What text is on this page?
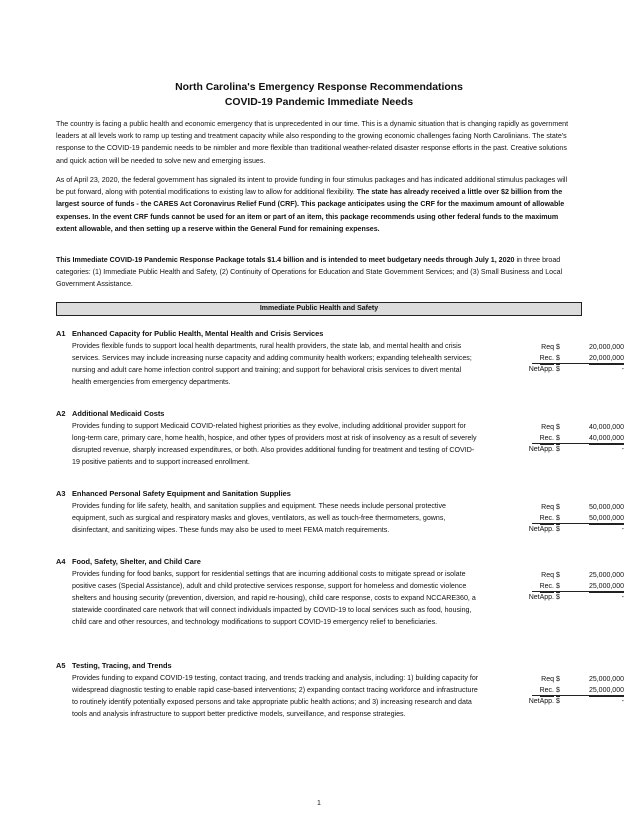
North Carolina's Emergency Response Recommendations
COVID-19 Pandemic Immediate Needs
The country is facing a public health and economic emergency that is unprecedented in our time. This is a dynamic situation that is changing rapidly as government leaders at all levels work to ramp up testing and treatment capacity while also responding to the growing economic challenges facing North Carolinians. The state's response to the COVID-19 pandemic needs to be nimbler and more flexible than traditional weather-related disaster response efforts in the past. Creative solutions and quick action will be needed to solve new and emerging issues.
As of April 23, 2020, the federal government has signaled its intent to provide funding in four stimulus packages and has indicated additional stimulus packages will be put forward, along with potential modifications to existing law to allow for additional flexibility. The state has already received a little over $2 billion from the largest source of funds - the CARES Act Coronavirus Relief Fund (CRF). This package anticipates using the CRF for the maximum amount of allowable expenses. In the event CRF funds cannot be used for an item or part of an item, this package recommends using other federal funds to the maximum extent allowable, and then setting up a reserve within the General Fund for remaining expenses.
This Immediate COVID-19 Pandemic Response Package totals $1.4 billion and is intended to meet budgetary needs through July 1, 2020 in three broad categories: (1) Immediate Public Health and Safety, (2) Continuity of Operations for Education and State Government Services; and (3) Small Business and Local Government Assistance.
Immediate Public Health and Safety
A1 Enhanced Capacity for Public Health, Mental Health and Crisis Services
Provides flexible funds to support local health departments, rural health providers, the state lab, and mental health and crisis services. Services may include increasing nurse capacity and adding community health workers; expanding telehealth services; nursing and adult care home infection control support and training; and support for behavioral crisis services to divert mental health emergencies from emergency departments.
Req $	20,000,000
Rec. $	20,000,000
NetApp. $	-
A2 Additional Medicaid Costs
Provides funding to support Medicaid COVID-related highest priorities as they evolve, including additional provider support for long-term care, primary care, home health, hospice, and other types of providers most at risk of insolvency as a result of severely disrupted revenue, sharply increased expenditures, or both. Also provides additional funding for treatment and testing of COVID-19 positive patients and to support increased enrollment.
Req $	40,000,000
Rec. $	40,000,000
NetApp. $	-
A3 Enhanced Personal Safety Equipment and Sanitation Supplies
Provides funding for life safety, health, and sanitation supplies and equipment. These needs include personal protective equipment, such as surgical and respiratory masks and gloves, ventilators, as well as touch-free thermometers, gowns, disinfectant, and sanitizing wipes. These funds may also be used to meet FEMA match requirements.
Req $	50,000,000
Rec. $	50,000,000
NetApp. $	-
A4 Food, Safety, Shelter, and Child Care
Provides funding for food banks, support for residential settings that are incurring additional costs to mitigate spread or isolate positive cases (Special Assistance), adult and child protective services response, support for homeless and domestic violence shelters and housing security (prevention, diversion, and rapid re-housing), child care response, costs to expand NCCARE360, a statewide coordinated care network that will connect individuals impacted by COVID-19 to local services such as food, housing, child care and other resources, and technology modifications to support COVID-19 emergency relief to beneficiaries.
Req $	25,000,000
Rec. $	25,000,000
NetApp. $	-
A5 Testing, Tracing, and Trends
Provides funding to expand COVID-19 testing, contact tracing, and trends tracking and analysis, including: 1) building capacity for widespread diagnostic testing to enable rapid case-based interventions; 2) expanding contact tracing workforce and infrastructure to routinely identify potentially exposed persons and take appropriate public health actions; and 3) increasing research and data tools and analysis infrastructure to support better predictive models, surveillance, and response strategies.
Req $	25,000,000
Rec. $	25,000,000
NetApp. $	-
1
